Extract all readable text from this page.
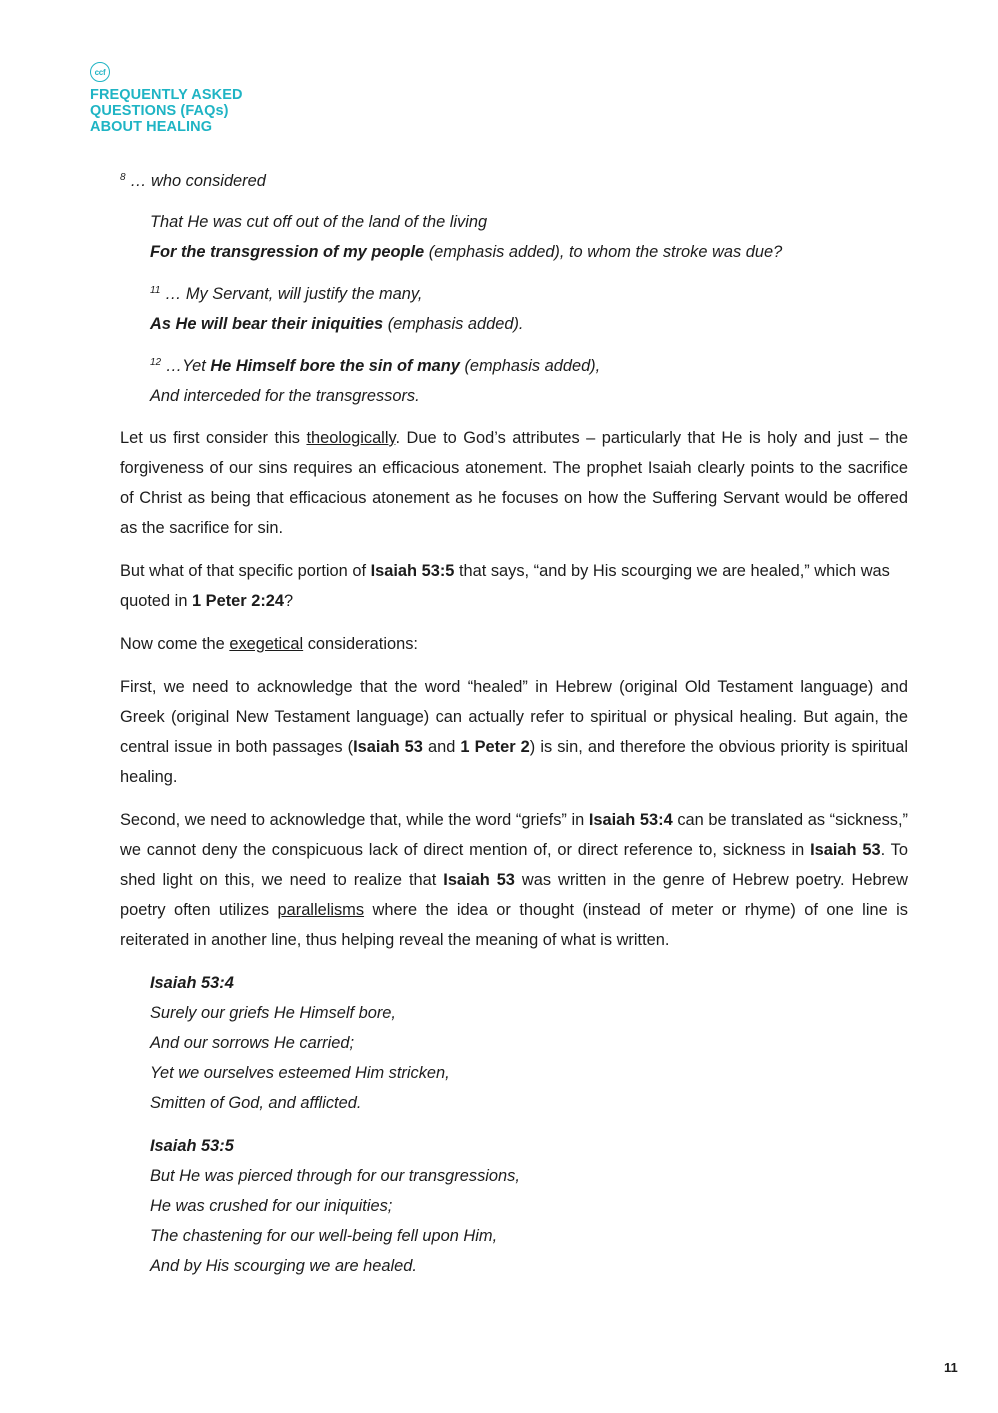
ccf
FREQUENTLY ASKED
QUESTIONS (FAQs)
ABOUT HEALING
$^8$ … who considered
That He was cut off out of the land of the living
For the transgression of my people (emphasis added), to whom the stroke was due?
$^{11}$ … My Servant, will justify the many,
As He will bear their iniquities (emphasis added).
$^{12}$ …Yet He Himself bore the sin of many (emphasis added),
And interceded for the transgressors.

Let us first consider this theologically. Due to God’s attributes – particularly that He is holy and just – the forgiveness of our sins requires an efficacious atonement. The prophet Isaiah clearly points to the sacrifice of Christ as being that efficacious atonement as he focuses on how the Suffering Servant would be offered as the sacrifice for sin.

But what of that specific portion of Isaiah 53:5 that says, “and by His scourging we are healed,” which was quoted in 1 Peter 2:24?

Now come the exegetical considerations:

First, we need to acknowledge that the word “healed” in Hebrew (original Old Testament language) and Greek (original New Testament language) can actually refer to spiritual or physical healing. But again, the central issue in both passages (Isaiah 53 and 1 Peter 2) is sin, and therefore the obvious priority is spiritual healing.

Second, we need to acknowledge that, while the word “griefs” in Isaiah 53:4 can be translated as “sickness,” we cannot deny the conspicuous lack of direct mention of, or direct reference to, sickness in Isaiah 53. To shed light on this, we need to realize that Isaiah 53 was written in the genre of Hebrew poetry. Hebrew poetry often utilizes parallelisms where the idea or thought (instead of meter or rhyme) of one line is reiterated in another line, thus helping reveal the meaning of what is written.

Isaiah 53:4
Surely our griefs He Himself bore,
And our sorrows He carried;
Yet we ourselves esteemed Him stricken,
Smitten of God, and afflicted.
Isaiah 53:5
But He was pierced through for our transgressions,
He was crushed for our iniquities;
The chastening for our well-being fell upon Him,
And by His scourging we are healed.
11
